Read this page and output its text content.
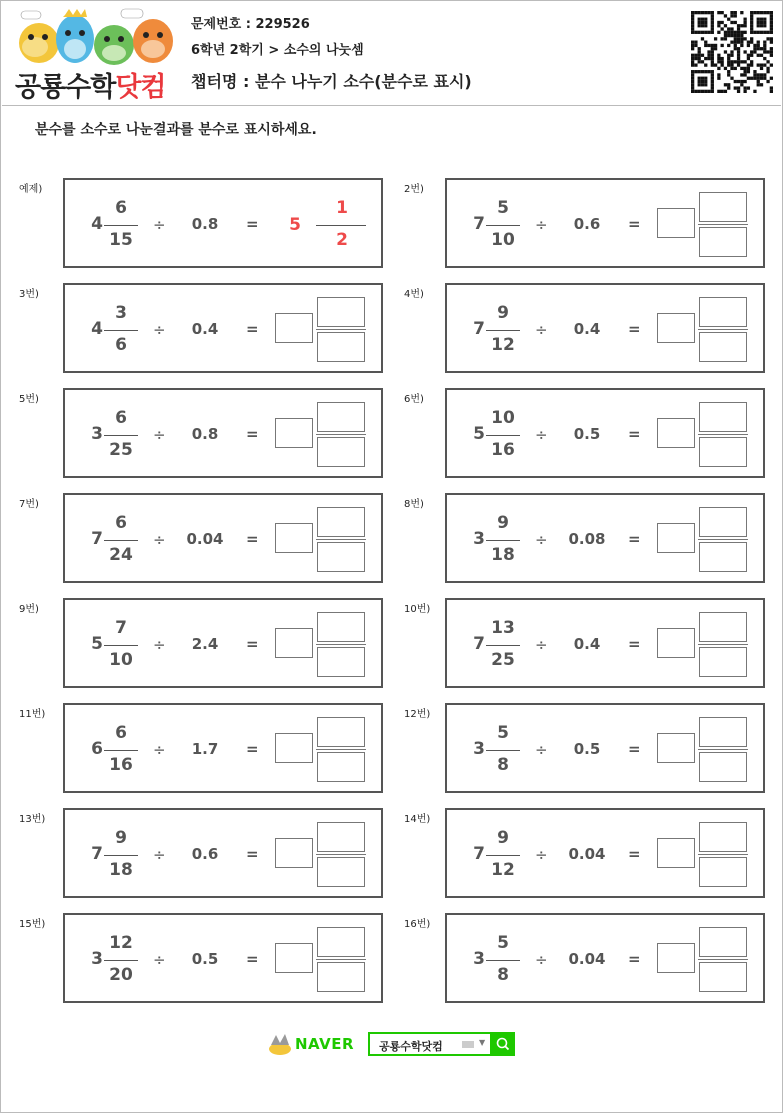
공룡수학닷컴
문제번호 : 229526
6학년 2학기 > 소수의 나눗셈
챕터명 : 분수 나누기 소수(분수로 표시)
분수를 소수로 나눈결과를 분수로 표시하세요.
예제)
4
6
15
÷	0.8	=	5
1
2
2번)
7
5
10
÷	0.6	=
3번)
4
3
6
÷	0.4	=
4번)
7
9
12
÷	0.4	=
5번)
3
6
25
÷	0.8	=
6번)
5
10
16
÷	0.5	=
7번)
7
6
24
÷	0.04	=
8번)
3
9
18
÷	0.08	=
9번)
5
7
10
÷	2.4	=
10번)
7
13
25
÷	0.4	=
11번)
6
6
16
÷	1.7	=
12번)
3
5
8
÷	0.5	=
13번)
7
9
18
÷	0.6	=
14번)
7
9
12
÷	0.04	=
15번)
3
12
20
÷	0.5	=
16번)
3
5
8
÷	0.04	=
NAVER 공룡수학닷컴	▼
